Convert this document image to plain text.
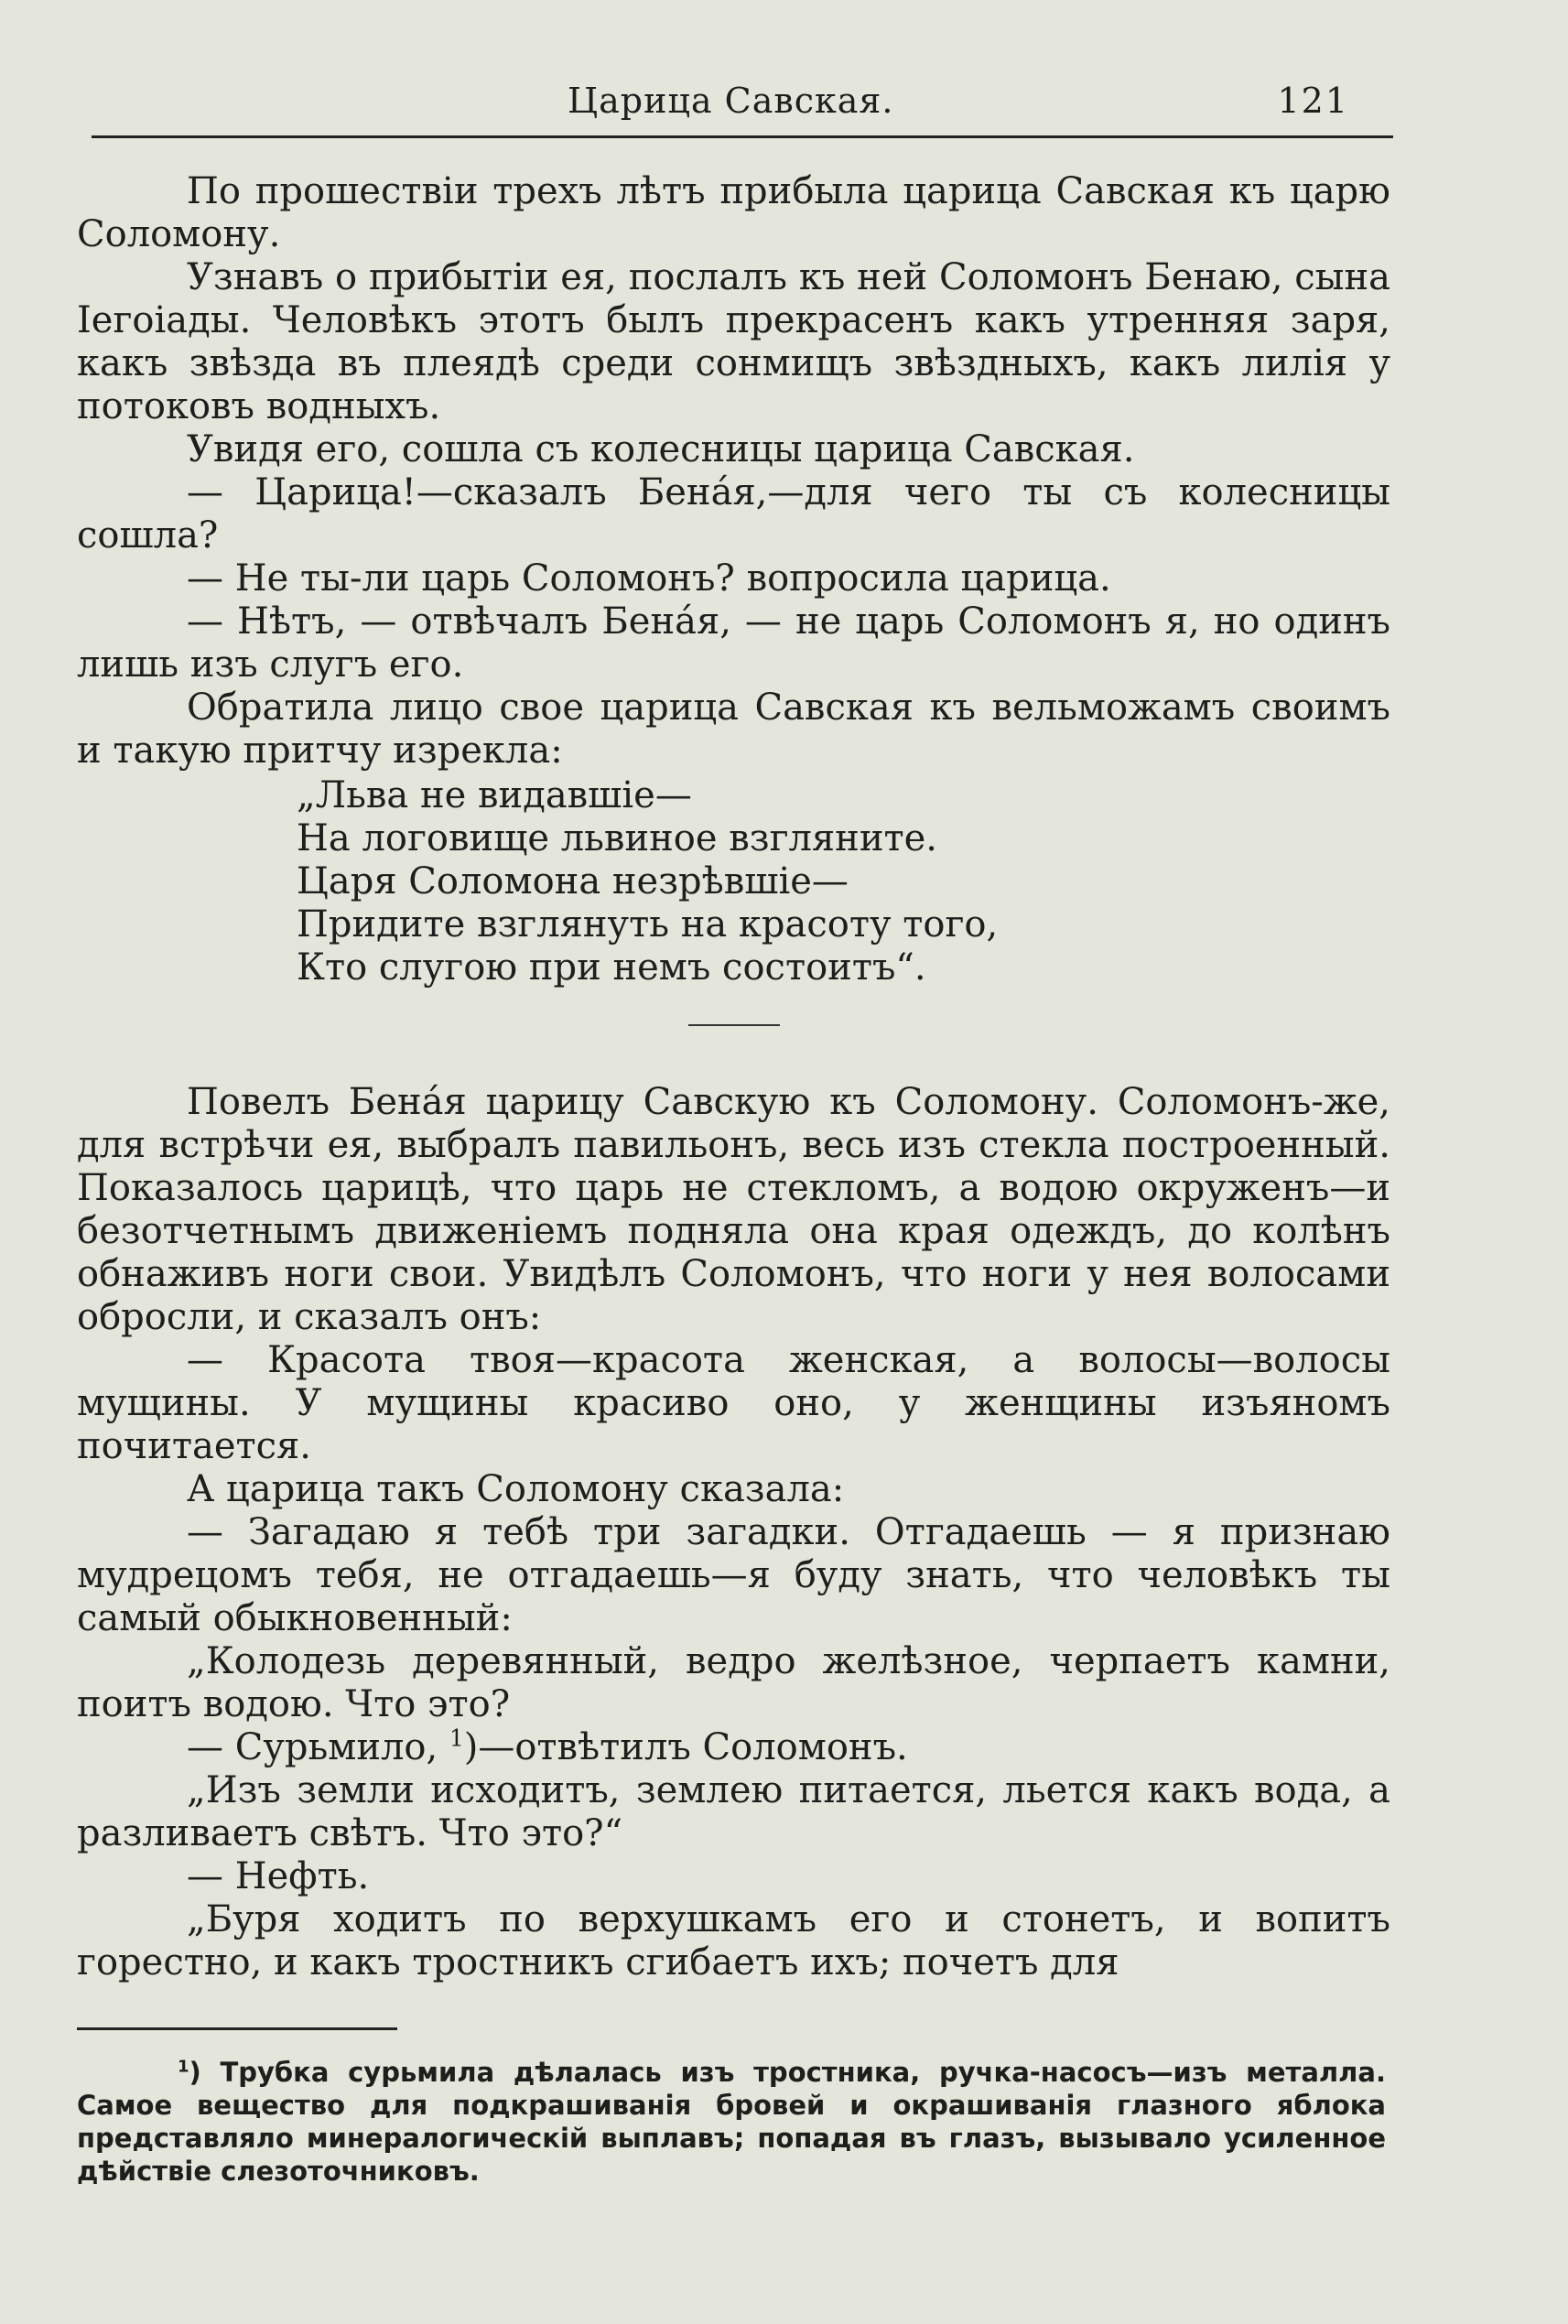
Царица Савская.	121

По прошествіи трехъ лѣтъ прибыла царица Савская къ царю Соломону.

Узнавъ о прибытіи ея, послалъ къ ней Соломонъ Бенаю, сына Іегоіады. Человѣкъ этотъ былъ прекрасенъ какъ утренняя заря, какъ звѣзда въ плеядѣ среди сонмищъ звѣздныхъ, какъ лилія у потоковъ водныхъ.

Увидя его, сошла съ колесницы царица Савская.

— Царица!—сказалъ Бенáя,—для чего ты съ колесницы сошла?

— Не ты-ли царь Соломонъ? вопросила царица.

— Нѣтъ, — отвѣчалъ Бенáя, — не царь Соломонъ я, но одинъ лишь изъ слугъ его.

Обратила лицо свое царица Савская къ вельможамъ своимъ и такую притчу изрекла:

„Льва не видавшіе—
На логовище львиное взгляните.
Царя Соломона незрѣвшіе—
Придите взглянуть на красоту того,
Кто слугою при немъ состоитъ“.

Повелъ Бенáя царицу Савскую къ Соломону. Соломонъ-же, для встрѣчи ея, выбралъ павильонъ, весь изъ стекла построенный. Показалось царицѣ, что царь не стекломъ, а водою окруженъ—и безотчетнымъ движеніемъ подняла она края одеждъ, до колѣнъ обнаживъ ноги свои. Увидѣлъ Соломонъ, что ноги у нея волосами обросли, и сказалъ онъ:

— Красота твоя—красота женская, а волосы—волосы мущины. У мущины красиво оно, у женщины изъяномъ почитается.

А царица такъ Соломону сказала:

— Загадаю я тебѣ три загадки. Отгадаешь — я признаю мудрецомъ тебя, не отгадаешь—я буду знать, что человѣкъ ты самый обыкновенный:

„Колодезь деревянный, ведро желѣзное, черпаетъ камни, поитъ водою. Что это?

— Сурьмило, $^1$)—отвѣтилъ Соломонъ.

„Изъ земли исходитъ, землею питается, льется какъ вода, а разливаетъ свѣтъ. Что это?“

— Нефть.

„Буря ходитъ по верхушкамъ его и стонетъ, и вопитъ горестно, и какъ тростникъ сгибаетъ ихъ; почетъ для

$^1$) Трубка сурьмила дѣлалась изъ тростника, ручка-насосъ—изъ металла. Самое вещество для подкрашиванія бровей и окрашиванія глазного яблока представляло минералогическій выплавъ; попадая въ глазъ, вызывало усиленное дѣйствіе слезоточниковъ.
